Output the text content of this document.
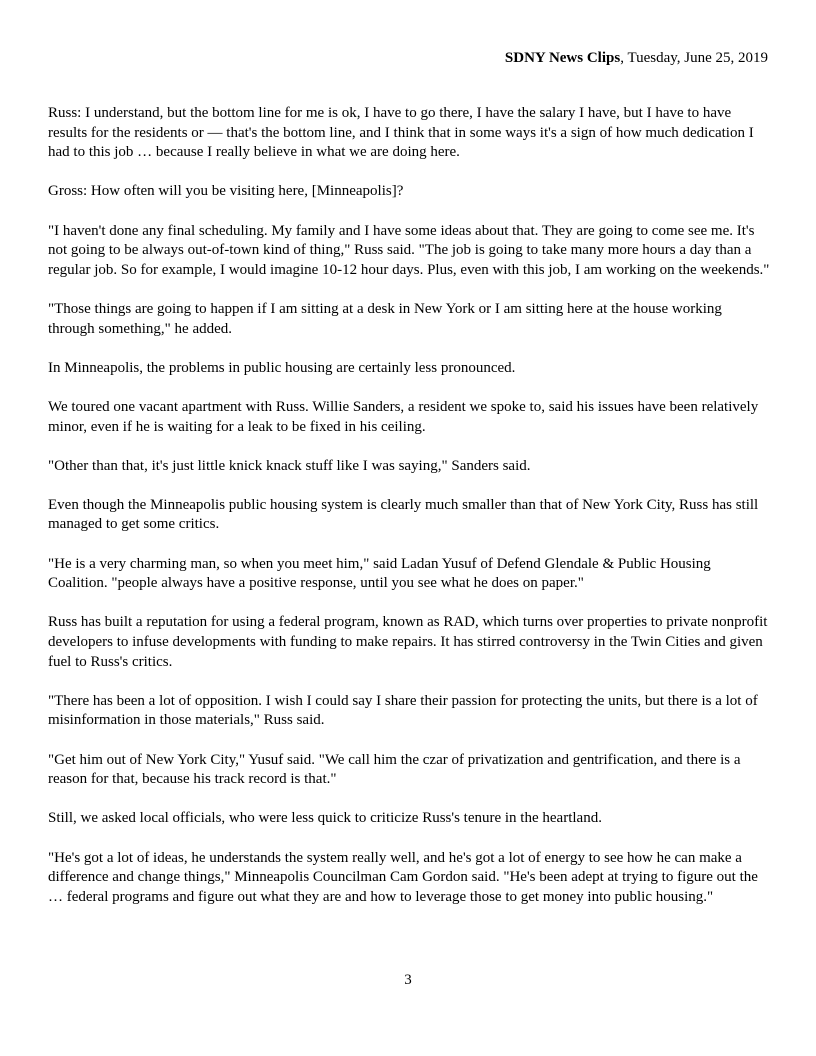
SDNY News Clips, Tuesday, June 25, 2019

Russ: I understand, but the bottom line for me is ok, I have to go there, I have the salary I have, but I have to have results for the residents or — that's the bottom line, and I think that in some ways it's a sign of how much dedication I had to this job … because I really believe in what we are doing here.

Gross: How often will you be visiting here, [Minneapolis]?

"I haven't done any final scheduling. My family and I have some ideas about that. They are going to come see me. It's not going to be always out-of-town kind of thing," Russ said. "The job is going to take many more hours a day than a regular job. So for example, I would imagine 10-12 hour days. Plus, even with this job, I am working on the weekends."

"Those things are going to happen if I am sitting at a desk in New York or I am sitting here at the house working through something," he added.

In Minneapolis, the problems in public housing are certainly less pronounced.

We toured one vacant apartment with Russ. Willie Sanders, a resident we spoke to, said his issues have been relatively minor, even if he is waiting for a leak to be fixed in his ceiling.

"Other than that, it's just little knick knack stuff like I was saying," Sanders said.

Even though the Minneapolis public housing system is clearly much smaller than that of New York City, Russ has still managed to get some critics.

"He is a very charming man, so when you meet him," said Ladan Yusuf of Defend Glendale & Public Housing Coalition. "people always have a positive response, until you see what he does on paper."

Russ has built a reputation for using a federal program, known as RAD, which turns over properties to private nonprofit developers to infuse developments with funding to make repairs. It has stirred controversy in the Twin Cities and given fuel to Russ's critics.

"There has been a lot of opposition. I wish I could say I share their passion for protecting the units, but there is a lot of misinformation in those materials," Russ said.

"Get him out of New York City," Yusuf said. "We call him the czar of privatization and gentrification, and there is a reason for that, because his track record is that."

Still, we asked local officials, who were less quick to criticize Russ's tenure in the heartland.

"He's got a lot of ideas, he understands the system really well, and he's got a lot of energy to see how he can make a difference and change things," Minneapolis Councilman Cam Gordon said. "He's been adept at trying to figure out the … federal programs and figure out what they are and how to leverage those to get money into public housing."

3
